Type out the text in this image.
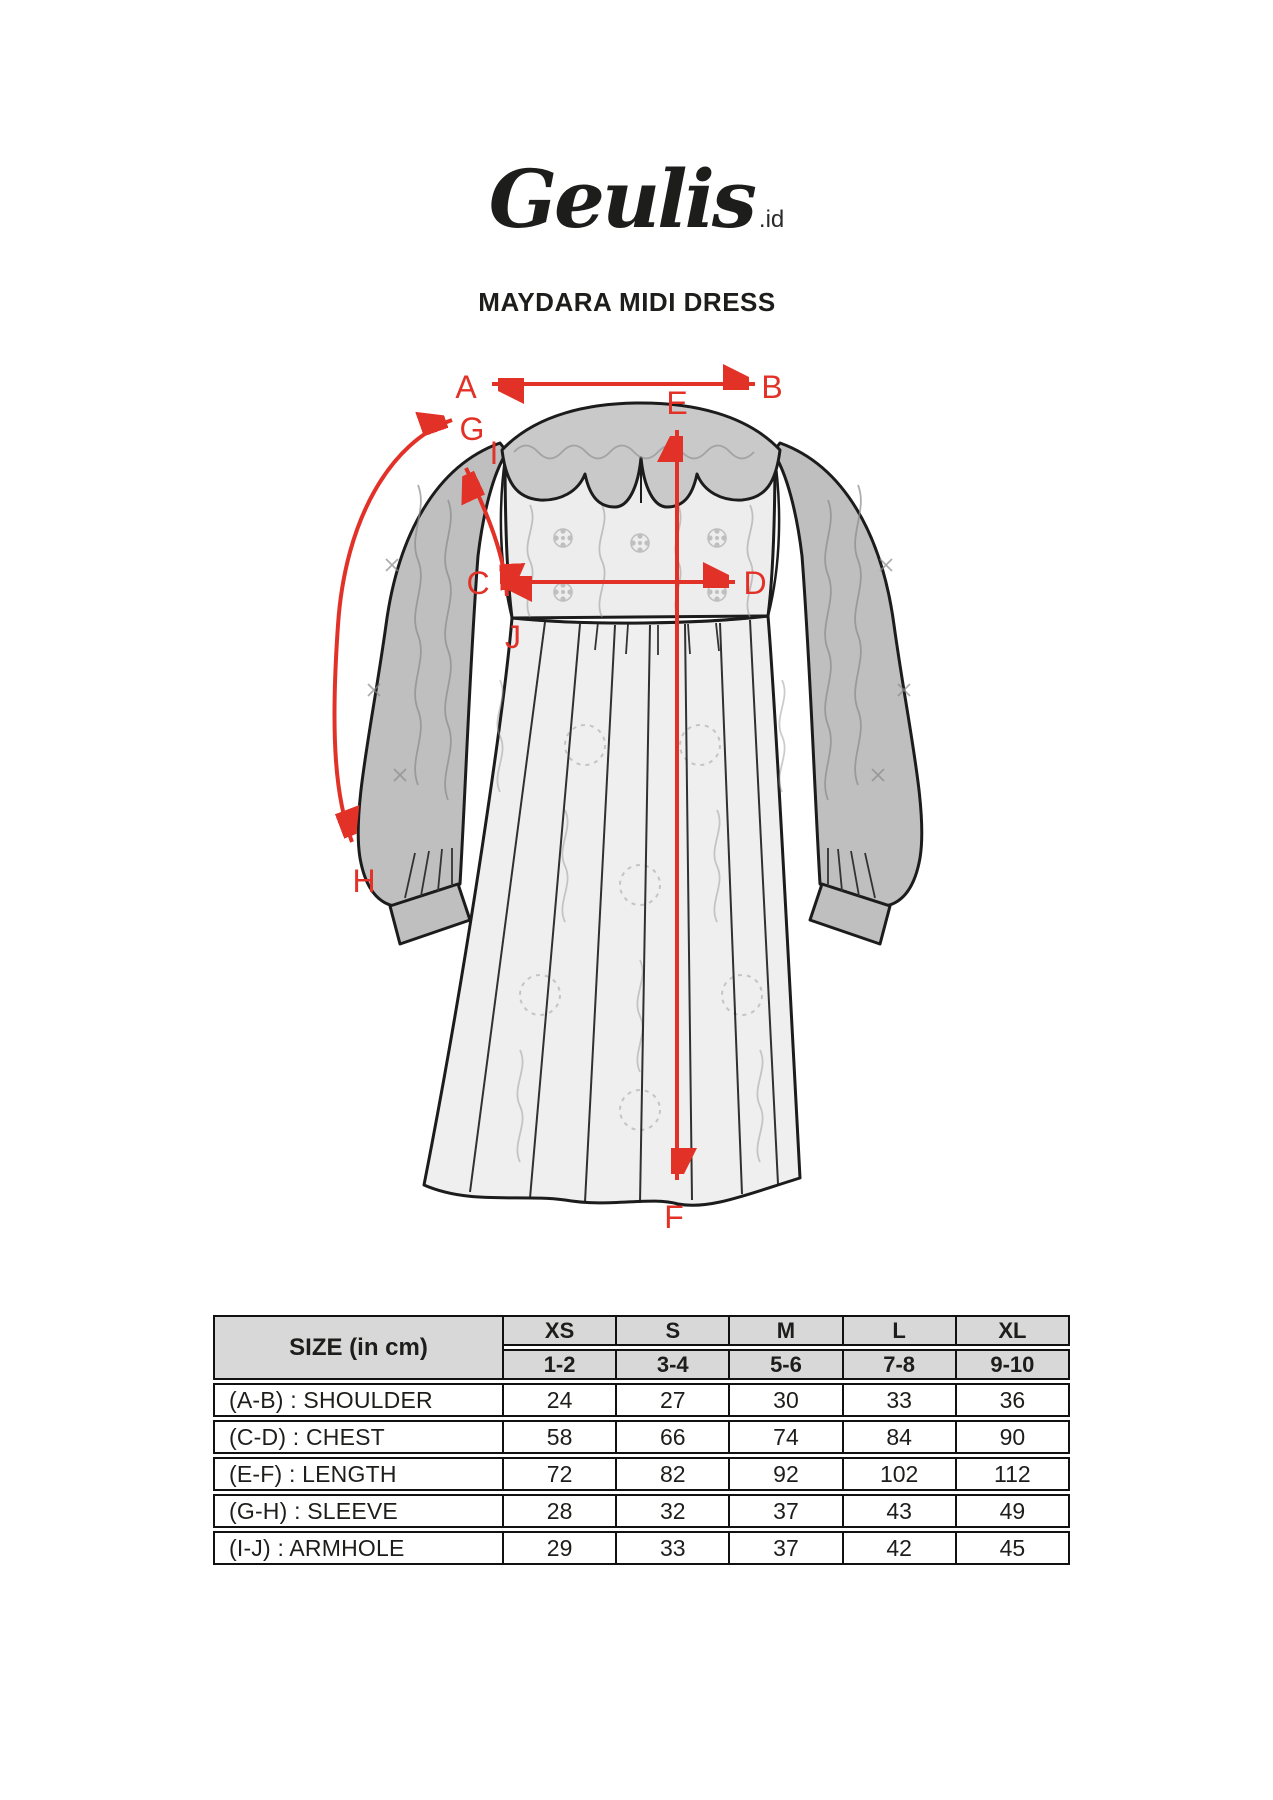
Geulis .id
MAYDARA MIDI DRESS
A	B
C	D
E
F
G
H
I
J
SIZE (in cm)	XS	S	M	L	XL
	1-2	3-4	5-6	7-8	9-10
(A-B) : SHOULDER	24	27	30	33	36
(C-D) : CHEST	58	66	74	84	90
(E-F) : LENGTH	72	82	92	102	112
(G-H) : SLEEVE	28	32	37	43	49
(I-J) : ARMHOLE	29	33	37	42	45
